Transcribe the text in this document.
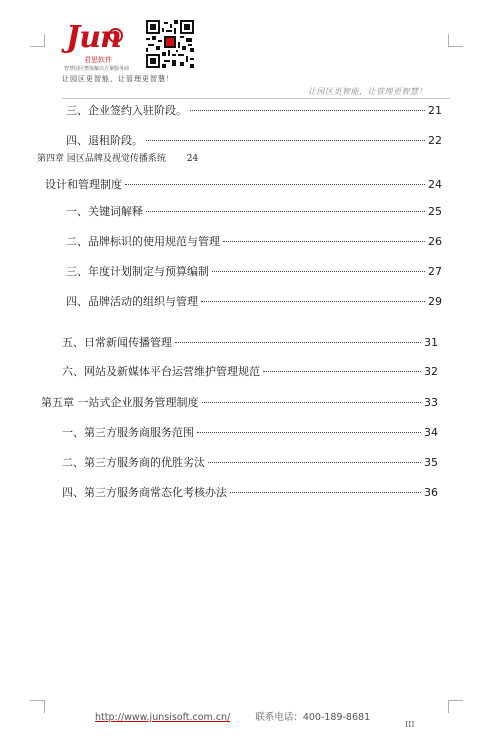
Jun
君思软件
智慧园区整体解决方案服务商
让园区更智能，让管理更智慧！
让园区更智能，让管理更智慧！
三、企业签约入驻阶段。	21
四、退租阶段。	22
第四章 园区品牌及视觉传播系统 24
设计和管理制度	24
一、关键词解释	25
二、品牌标识的使用规范与管理	26
三、年度计划制定与预算编制	27
四、品牌活动的组织与管理	29
五、日常新闻传播管理	31
六、网站及新媒体平台运营维护管理规范	32
第五章 一站式企业服务管理制度	33
一、第三方服务商服务范围	34
二、第三方服务商的优胜劣汰	35
四、第三方服务商常态化考核办法	36
http://www.junsisoft.com.cn/	联系电话：400-189-8681
III
